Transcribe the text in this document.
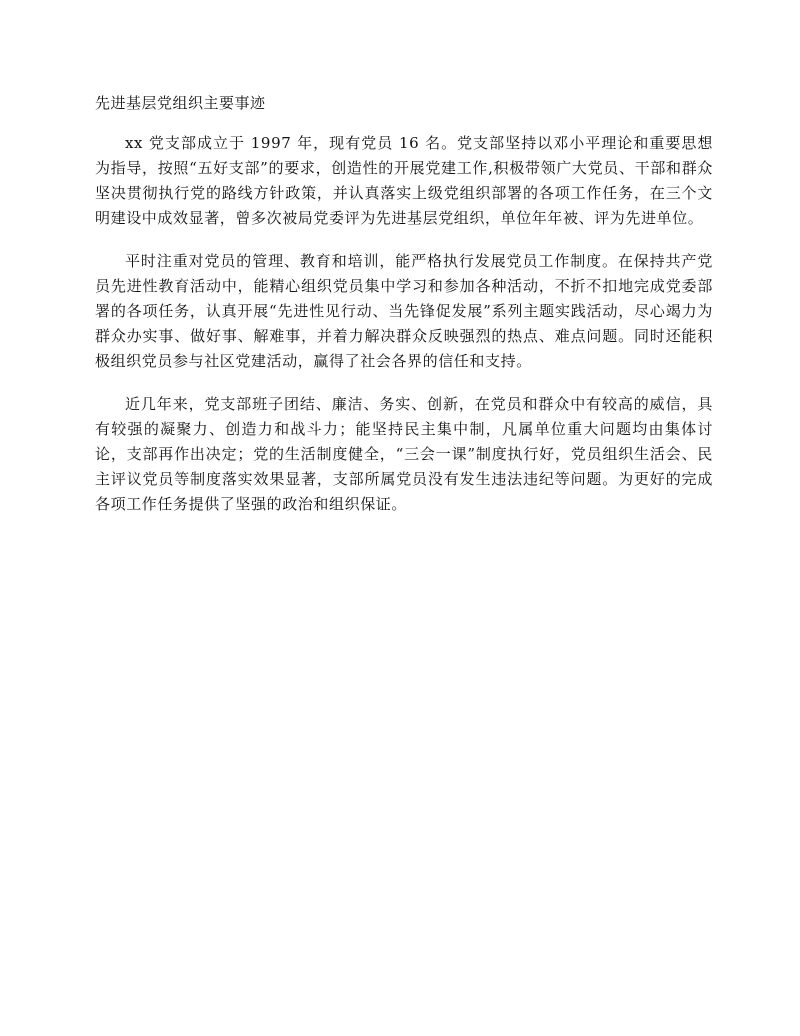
先进基层党组织主要事迹

xx 党支部成立于 1997 年，现有党员 16 名。党支部坚持以邓小平理论和重要思想为指导，按照“五好支部”的要求，创造性的开展党建工作,积极带领广大党员、干部和群众坚决贯彻执行党的路线方针政策，并认真落实上级党组织部署的各项工作任务，在三个文明建设中成效显著，曾多次被局党委评为先进基层党组织，单位年年被、评为先进单位。

平时注重对党员的管理、教育和培训，能严格执行发展党员工作制度。在保持共产党员先进性教育活动中，能精心组织党员集中学习和参加各种活动，不折不扣地完成党委部署的各项任务，认真开展“先进性见行动、当先锋促发展”系列主题实践活动，尽心竭力为群众办实事、做好事、解难事，并着力解决群众反映强烈的热点、难点问题。同时还能积极组织党员参与社区党建活动，赢得了社会各界的信任和支持。

近几年来，党支部班子团结、廉洁、务实、创新，在党员和群众中有较高的威信，具有较强的凝聚力、创造力和战斗力；能坚持民主集中制，凡属单位重大问题均由集体讨论，支部再作出决定；党的生活制度健全，“三会一课”制度执行好，党员组织生活会、民主评议党员等制度落实效果显著，支部所属党员没有发生违法违纪等问题。为更好的完成各项工作任务提供了坚强的政治和组织保证。
